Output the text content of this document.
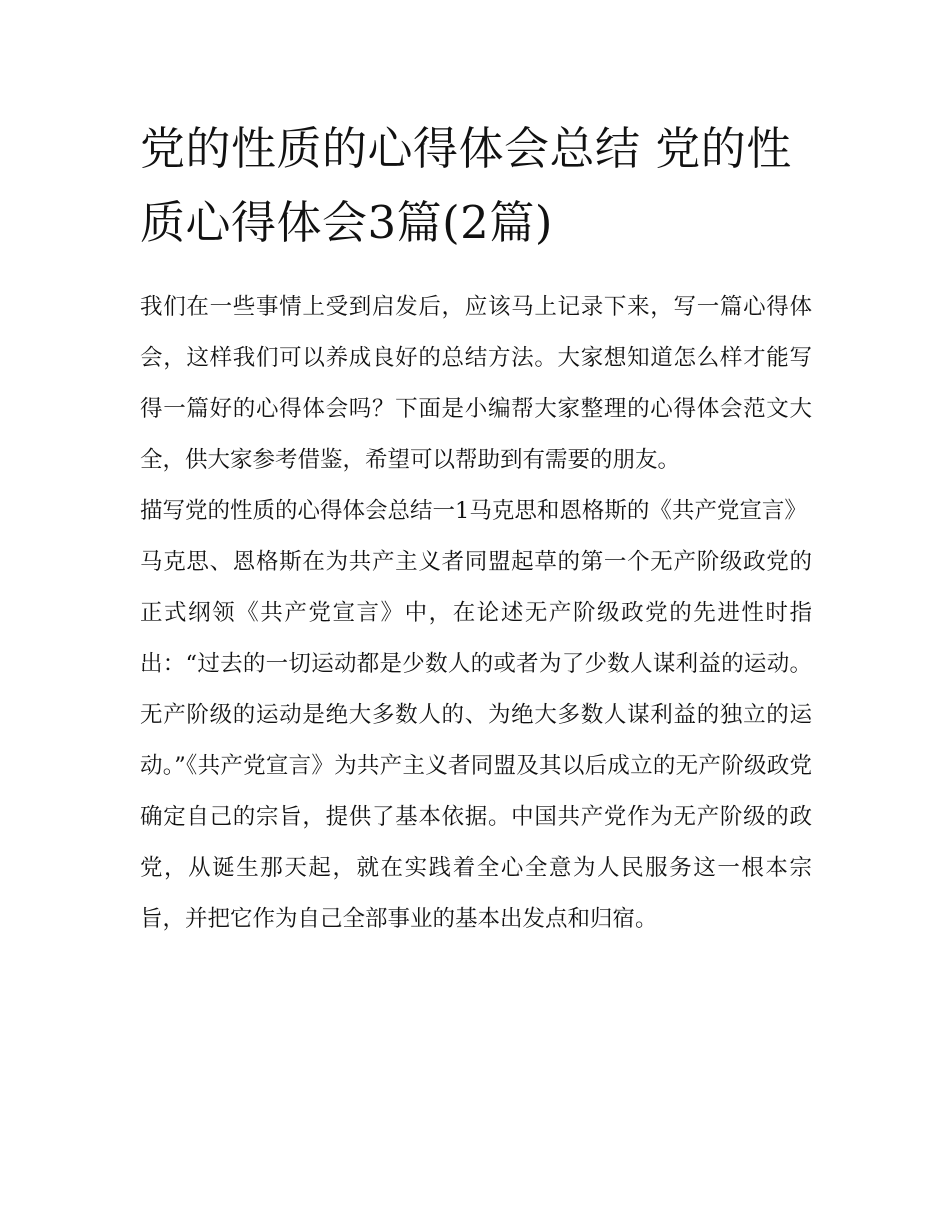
党的性质的心得体会总结 党的性质心得体会3篇(2篇)

我们在一些事情上受到启发后，应该马上记录下来，写一篇心得体会，这样我们可以养成良好的总结方法。大家想知道怎么样才能写得一篇好的心得体会吗？下面是小编帮大家整理的心得体会范文大全，供大家参考借鉴，希望可以帮助到有需要的朋友。

描写党的性质的心得体会总结一1马克思和恩格斯的《共产党宣言》

马克思、恩格斯在为共产主义者同盟起草的第一个无产阶级政党的正式纲领《共产党宣言》中，在论述无产阶级政党的先进性时指出：“过去的一切运动都是少数人的或者为了少数人谋利益的运动。无产阶级的运动是绝大多数人的、为绝大多数人谋利益的独立的运动。”《共产党宣言》为共产主义者同盟及其以后成立的无产阶级政党确定自己的宗旨，提供了基本依据。中国共产党作为无产阶级的政党，从诞生那天起，就在实践着全心全意为人民服务这一根本宗旨，并把它作为自己全部事业的基本出发点和归宿。
